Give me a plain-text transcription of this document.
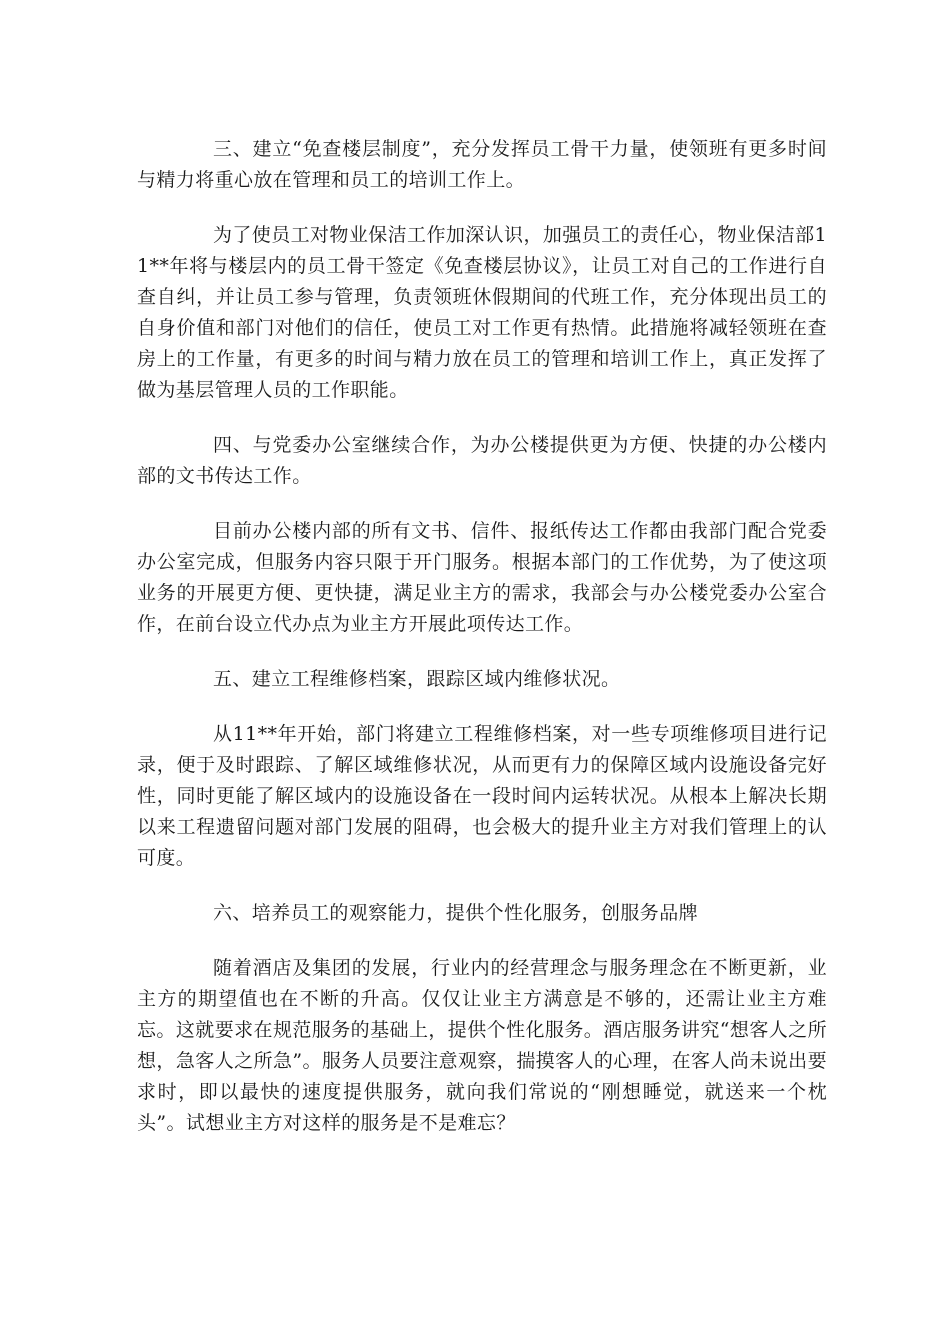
三、建立“免查楼层制度”，充分发挥员工骨干力量，使领班有更多时间与精力将重心放在管理和员工的培训工作上。

为了使员工对物业保洁工作加深认识，加强员工的责任心，物业保洁部11**年将与楼层内的员工骨干签定《免查楼层协议》，让员工对自己的工作进行自查自纠，并让员工参与管理，负责领班休假期间的代班工作，充分体现出员工的自身价值和部门对他们的信任，使员工对工作更有热情。此措施将减轻领班在查房上的工作量，有更多的时间与精力放在员工的管理和培训工作上，真正发挥了做为基层管理人员的工作职能。

四、与党委办公室继续合作，为办公楼提供更为方便、快捷的办公楼内部的文书传达工作。

目前办公楼内部的所有文书、信件、报纸传达工作都由我部门配合党委办公室完成，但服务内容只限于开门服务。根据本部门的工作优势，为了使这项业务的开展更方便、更快捷，满足业主方的需求，我部会与办公楼党委办公室合作，在前台设立代办点为业主方开展此项传达工作。

五、建立工程维修档案，跟踪区域内维修状况。

从11**年开始，部门将建立工程维修档案，对一些专项维修项目进行记录，便于及时跟踪、了解区域维修状况，从而更有力的保障区域内设施设备完好性，同时更能了解区域内的设施设备在一段时间内运转状况。从根本上解决长期以来工程遗留问题对部门发展的阻碍，也会极大的提升业主方对我们管理上的认可度。

六、培养员工的观察能力，提供个性化服务，创服务品牌

随着酒店及集团的发展，行业内的经营理念与服务理念在不断更新，业主方的期望值也在不断的升高。仅仅让业主方满意是不够的，还需让业主方难忘。这就要求在规范服务的基础上，提供个性化服务。酒店服务讲究“想客人之所想，急客人之所急”。服务人员要注意观察，揣摸客人的心理，在客人尚未说出要求时，即以最快的速度提供服务，就向我们常说的“刚想睡觉，就送来一个枕头”。试想业主方对这样的服务是不是难忘？
